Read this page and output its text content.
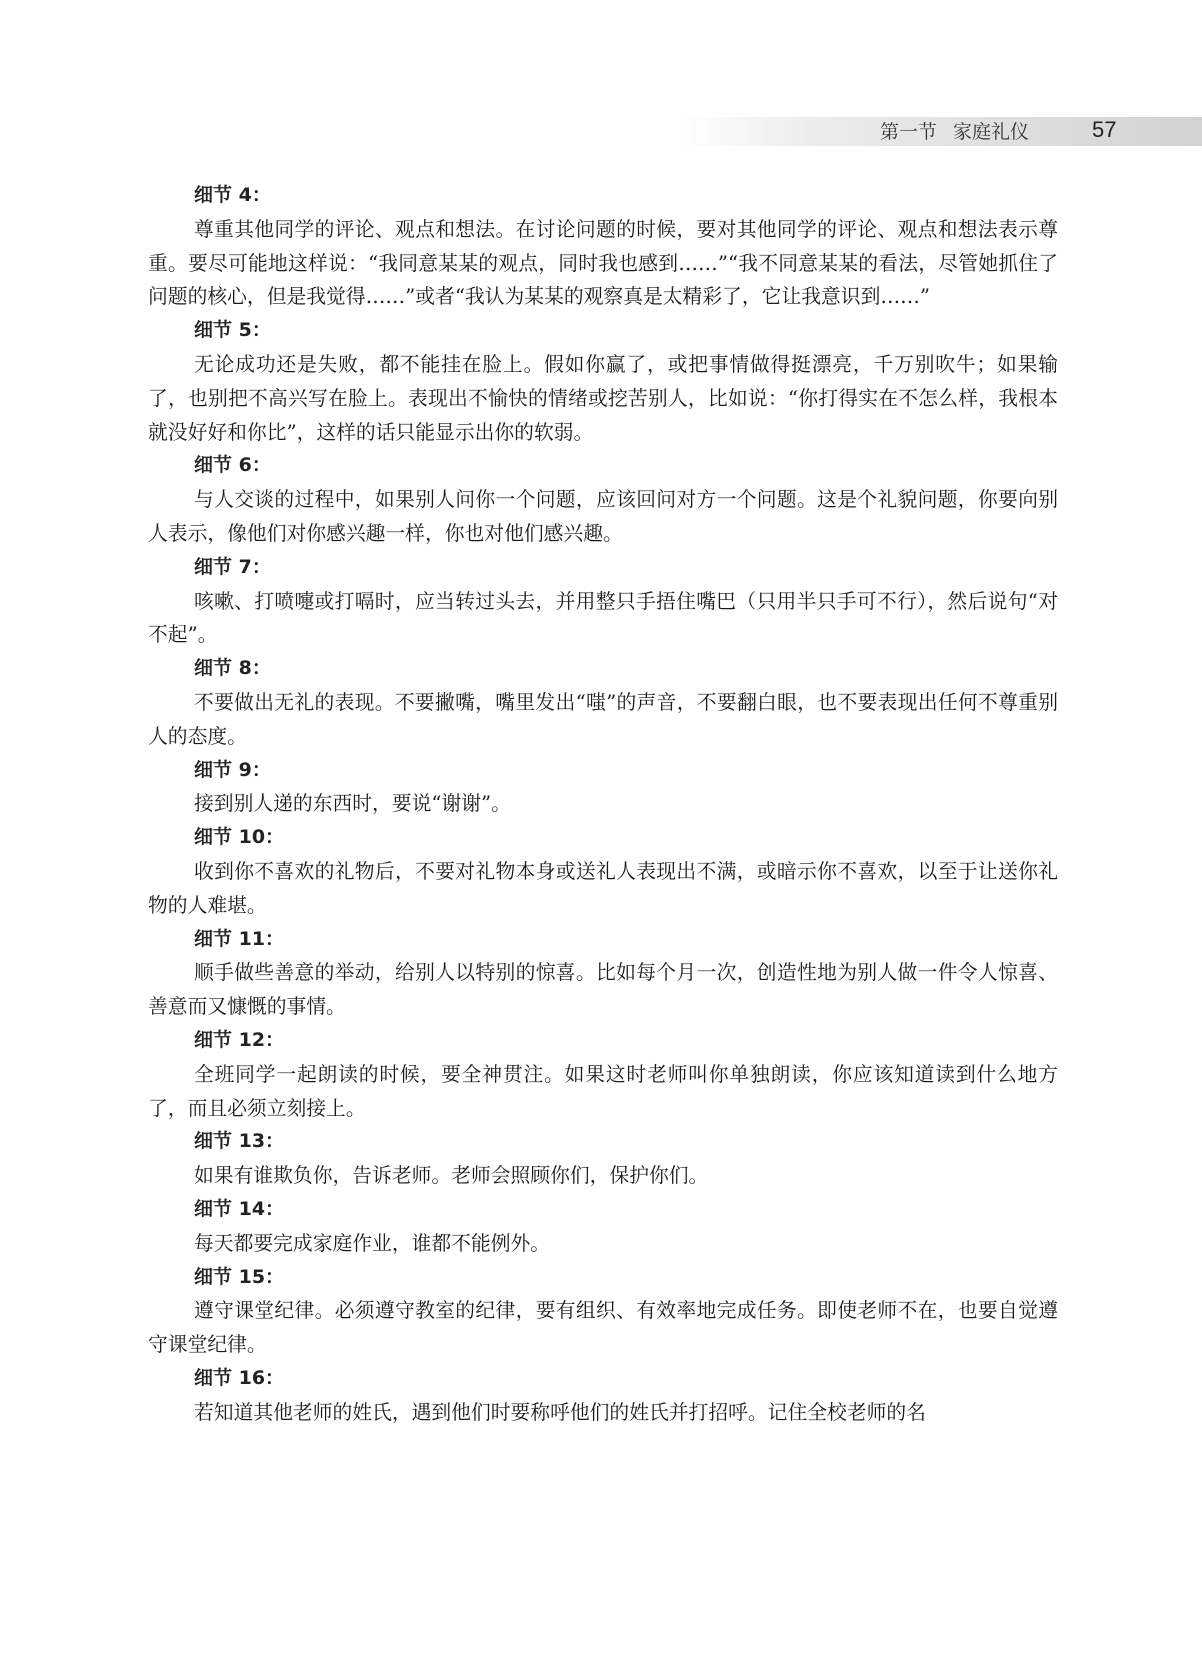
第一节 家庭礼仪	57

细节 4：

尊重其他同学的评论、观点和想法。在讨论问题的时候，要对其他同学的评论、观点和想法表示尊重。要尽可能地这样说：“我同意某某的观点，同时我也感到……”“我不同意某某的看法，尽管她抓住了问题的核心，但是我觉得……”或者“我认为某某的观察真是太精彩了，它让我意识到……”

细节 5：

无论成功还是失败，都不能挂在脸上。假如你赢了，或把事情做得挺漂亮，千万别吹牛；如果输了，也别把不高兴写在脸上。表现出不愉快的情绪或挖苦别人，比如说：“你打得实在不怎么样，我根本就没好好和你比”，这样的话只能显示出你的软弱。

细节 6：

与人交谈的过程中，如果别人问你一个问题，应该回问对方一个问题。这是个礼貌问题，你要向别人表示，像他们对你感兴趣一样，你也对他们感兴趣。

细节 7：

咳嗽、打喷嚏或打嗝时，应当转过头去，并用整只手捂住嘴巴（只用半只手可不行），然后说句“对不起”。

细节 8：

不要做出无礼的表现。不要撇嘴，嘴里发出“嗤”的声音，不要翻白眼，也不要表现出任何不尊重别人的态度。

细节 9：

接到别人递的东西时，要说“谢谢”。

细节 10：

收到你不喜欢的礼物后，不要对礼物本身或送礼人表现出不满，或暗示你不喜欢，以至于让送你礼物的人难堪。

细节 11：

顺手做些善意的举动，给别人以特别的惊喜。比如每个月一次，创造性地为别人做一件令人惊喜、善意而又慷慨的事情。

细节 12：

全班同学一起朗读的时候，要全神贯注。如果这时老师叫你单独朗读，你应该知道读到什么地方了，而且必须立刻接上。

细节 13：

如果有谁欺负你，告诉老师。老师会照顾你们，保护你们。

细节 14：

每天都要完成家庭作业，谁都不能例外。

细节 15：

遵守课堂纪律。必须遵守教室的纪律，要有组织、有效率地完成任务。即使老师不在，也要自觉遵守课堂纪律。

细节 16：

若知道其他老师的姓氏，遇到他们时要称呼他们的姓氏并打招呼。记住全校老师的名
